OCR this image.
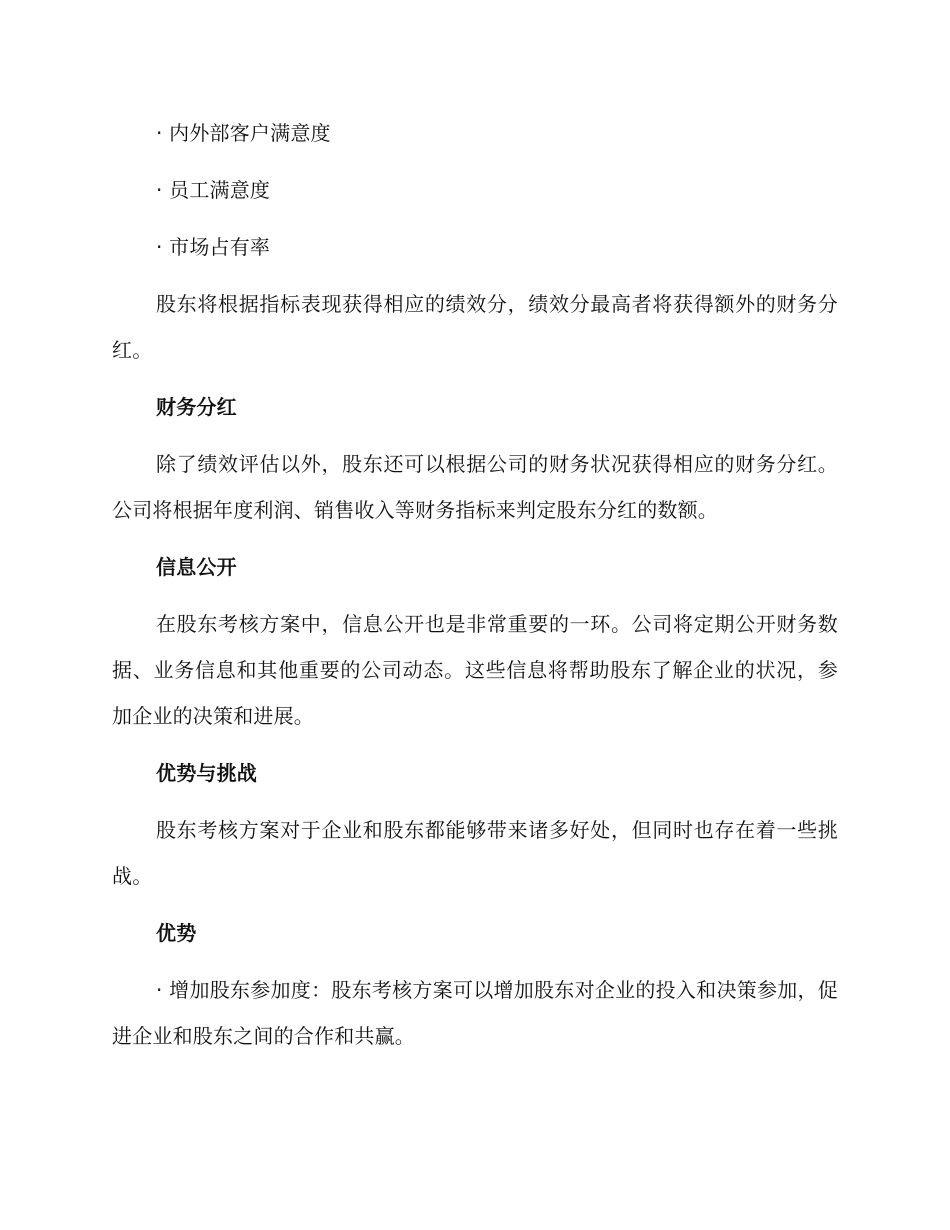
· 内外部客户满意度

· 员工满意度

· 市场占有率

股东将根据指标表现获得相应的绩效分，绩效分最高者将获得额外的财务分红。

财务分红

除了绩效评估以外，股东还可以根据公司的财务状况获得相应的财务分红。公司将根据年度利润、销售收入等财务指标来判定股东分红的数额。

信息公开

在股东考核方案中，信息公开也是非常重要的一环。公司将定期公开财务数据、业务信息和其他重要的公司动态。这些信息将帮助股东了解企业的状况，参加企业的决策和进展。

优势与挑战

股东考核方案对于企业和股东都能够带来诸多好处，但同时也存在着一些挑战。

优势

· 增加股东参加度：股东考核方案可以增加股东对企业的投入和决策参加，促进企业和股东之间的合作和共赢。
